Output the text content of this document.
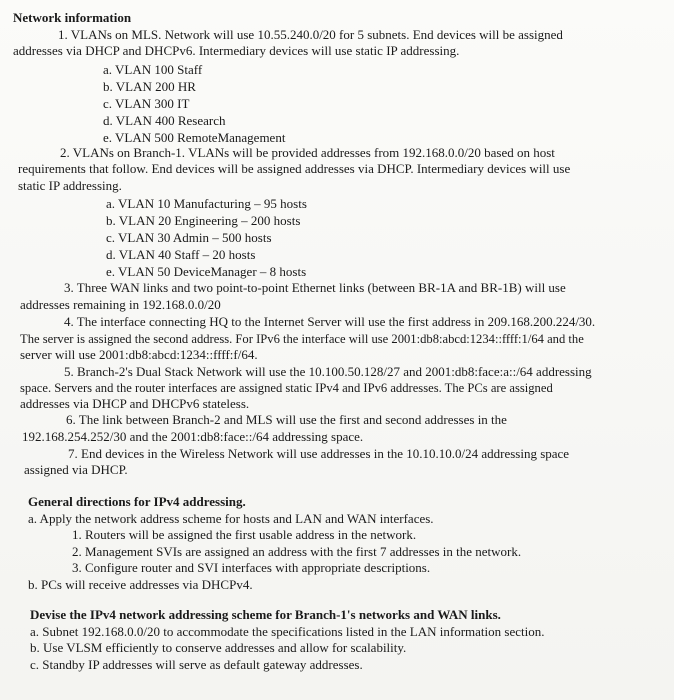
Network information
1. VLANs on MLS. Network will use 10.55.240.0/20 for 5 subnets. End devices will be assigned
addresses via DHCP and DHCPv6. Intermediary devices will use static IP addressing.
a. VLAN 100 Staff
b. VLAN 200 HR
c. VLAN 300 IT
d. VLAN 400 Research
e. VLAN 500 RemoteManagement
2. VLANs on Branch-1. VLANs will be provided addresses from 192.168.0.0/20 based on host
requirements that follow. End devices will be assigned addresses via DHCP. Intermediary devices will use
static IP addressing.
a. VLAN 10 Manufacturing – 95 hosts
b. VLAN 20 Engineering – 200 hosts
c. VLAN 30 Admin – 500 hosts
d. VLAN 40 Staff – 20 hosts
e. VLAN 50 DeviceManager – 8 hosts
3. Three WAN links and two point-to-point Ethernet links (between BR-1A and BR-1B) will use
addresses remaining in 192.168.0.0/20
4. The interface connecting HQ to the Internet Server will use the first address in 209.168.200.224/30.
The server is assigned the second address. For IPv6 the interface will use 2001:db8:abcd:1234::ffff:1/64 and the
server will use 2001:db8:abcd:1234::ffff:f/64.
5. Branch-2's Dual Stack Network will use the 10.100.50.128/27 and 2001:db8:face:a::/64 addressing
space. Servers and the router interfaces are assigned static IPv4 and IPv6 addresses. The PCs are assigned
addresses via DHCP and DHCPv6 stateless.
6. The link between Branch-2 and MLS will use the first and second addresses in the
192.168.254.252/30 and the 2001:db8:face::/64 addressing space.
7. End devices in the Wireless Network will use addresses in the 10.10.10.0/24 addressing space
assigned via DHCP.
General directions for IPv4 addressing.
a. Apply the network address scheme for hosts and LAN and WAN interfaces.
1. Routers will be assigned the first usable address in the network.
2. Management SVIs are assigned an address with the first 7 addresses in the network.
3. Configure router and SVI interfaces with appropriate descriptions.
b. PCs will receive addresses via DHCPv4.
Devise the IPv4 network addressing scheme for Branch-1's networks and WAN links.
a. Subnet 192.168.0.0/20 to accommodate the specifications listed in the LAN information section.
b. Use VLSM efficiently to conserve addresses and allow for scalability.
c. Standby IP addresses will serve as default gateway addresses.
